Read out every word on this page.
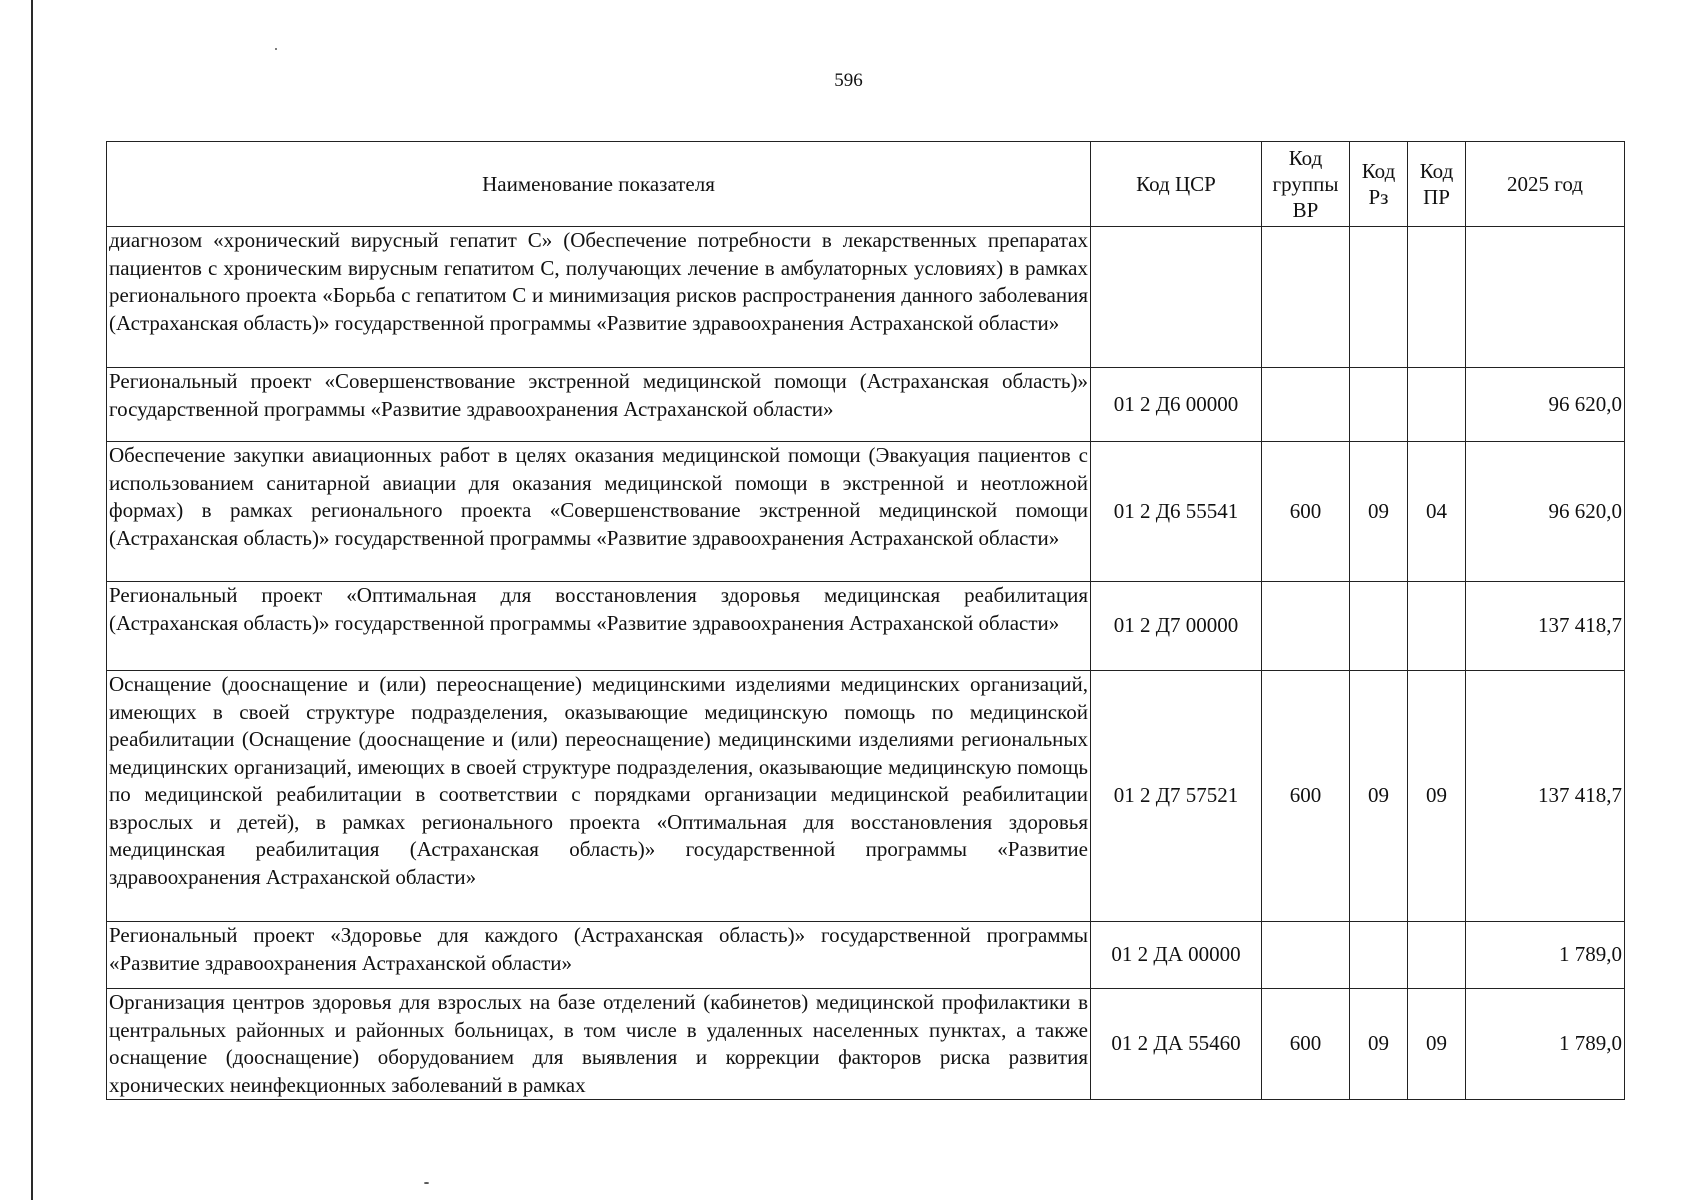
596
Наименование показателя	Код ЦСР	Код группы ВР	Код Рз	Код ПР	2025 год
диагнозом «хронический вирусный гепатит С» (Обеспечение потребности в лекарственных препаратах пациентов с хроническим вирусным гепатитом С, получающих лечение в амбулаторных условиях) в рамках регионального проекта «Борьба с гепатитом С и минимизация рисков распространения данного заболевания (Астраханская область)» государственной программы «Развитие здравоохранения Астраханской области»					
Региональный проект «Совершенствование экстренной медицинской помощи (Астраханская область)» государственной программы «Развитие здравоохранения Астраханской области»	01 2 Д6 00000				96 620,0
Обеспечение закупки авиационных работ в целях оказания медицинской помощи (Эвакуация пациентов с использованием санитарной авиации для оказания медицинской помощи в экстренной и неотложной формах) в рамках регионального проекта «Совершенствование экстренной медицинской помощи (Астраханская область)» государственной программы «Развитие здравоохранения Астраханской области»	01 2 Д6 55541	600	09	04	96 620,0
Региональный проект «Оптимальная для восстановления здоровья медицинская реабилитация (Астраханская область)» государственной программы «Развитие здравоохранения Астраханской области»	01 2 Д7 00000				137 418,7
Оснащение (дооснащение и (или) переоснащение) медицинскими изделиями медицинских организаций, имеющих в своей структуре подразделения, оказывающие медицинскую помощь по медицинской реабилитации (Оснащение (дооснащение и (или) переоснащение) медицинскими изделиями региональных медицинских организаций, имеющих в своей структуре подразделения, оказывающие медицинскую помощь по медицинской реабилитации в соответствии с порядками организации медицинской реабилитации взрослых и детей), в рамках регионального проекта «Оптимальная для восстановления здоровья медицинская реабилитация (Астраханская область)» государственной программы «Развитие здравоохранения Астраханской области»	01 2 Д7 57521	600	09	09	137 418,7
Региональный проект «Здоровье для каждого (Астраханская область)» государственной программы «Развитие здравоохранения Астраханской области»	01 2 ДА 00000				1 789,0
Организация центров здоровья для взрослых на базе отделений (кабинетов) медицинской профилактики в центральных районных и районных больницах, в том числе в удаленных населенных пунктах, а также оснащение (дооснащение) оборудованием для выявления и коррекции факторов риска развития хронических неинфекционных заболеваний в рамках	01 2 ДА 55460	600	09	09	1 789,0
